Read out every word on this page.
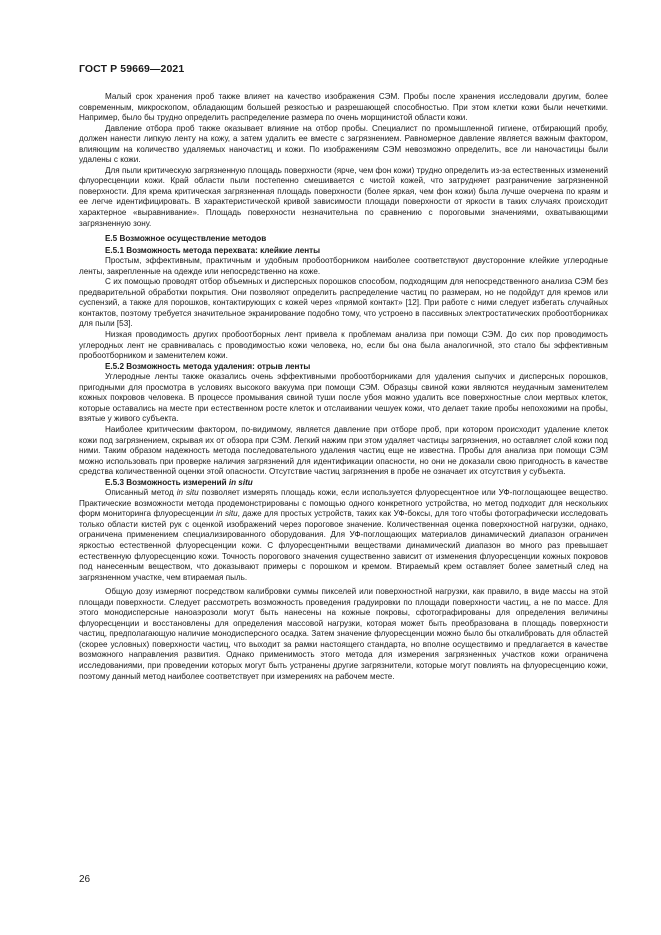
ГОСТ Р 59669—2021

Малый срок хранения проб также влияет на качество изображения СЭМ. Пробы после хранения исследовали другим, более современным, микроскопом, обладающим большей резкостью и разрешающей способностью. При этом клетки кожи были нечеткими. Например, было бы трудно определить распределение размера по очень морщинистой области кожи.

Давление отбора проб также оказывает влияние на отбор пробы. Специалист по промышленной гигиене, отбирающий пробу, должен нанести липкую ленту на кожу, а затем удалить ее вместе с загрязнением. Равномерное давление является важным фактором, влияющим на количество удаляемых наночастиц и кожи. По изображениям СЭМ невозможно определить, все ли наночастицы были удалены с кожи.

Для пыли критическую загрязненную площадь поверхности (ярче, чем фон кожи) трудно определить из-за естественных изменений флуоресценции кожи. Край области пыли постепенно смешивается с чистой кожей, что затрудняет разграничение загрязненной поверхности. Для крема критическая загрязненная площадь поверхности (более яркая, чем фон кожи) была лучше очерчена по краям и ее легче идентифицировать. В характеристической кривой зависимости площади поверхности от яркости в таких случаях происходит характерное «выравнивание». Площадь поверхности незначительна по сравнению с пороговыми значениями, охватывающими загрязненную зону.

Е.5 Возможное осуществление методов
Е.5.1 Возможность метода перехвата: клейкие ленты

Простым, эффективным, практичным и удобным пробоотборником наиболее соответствуют двусторонние клейкие углеродные ленты, закрепленные на одежде или непосредственно на коже.

С их помощью проводят отбор объемных и дисперсных порошков способом, подходящим для непосредственного анализа СЭМ без предварительной обработки покрытия. Они позволяют определить распределение частиц по размерам, но не подойдут для кремов или суспензий, а также для порошков, контактирующих с кожей через «прямой контакт» [12]. При работе с ними следует избегать случайных контактов, поэтому требуется значительное экранирование подобно тому, что устроено в пассивных электростатических пробоотборниках для пыли [53].

Низкая проводимость других пробоотборных лент привела к проблемам анализа при помощи СЭМ. До сих пор проводимость углеродных лент не сравнивалась с проводимостью кожи человека, но, если бы она была аналогичной, это стало бы эффективным пробоотборником и заменителем кожи.

Е.5.2 Возможность метода удаления: отрыв ленты

Углеродные ленты также оказались очень эффективными пробоотборниками для удаления сыпучих и дисперсных порошков, пригодными для просмотра в условиях высокого вакуума при помощи СЭМ. Образцы свиной кожи являются неудачным заменителем кожных покровов человека. В процессе промывания свиной туши после убоя можно удалить все поверхностные слои мертвых клеток, которые оставались на месте при естественном росте клеток и отслаивании чешуек кожи, что делает такие пробы непохожими на пробы, взятые у живого субъекта.

Наиболее критическим фактором, по-видимому, является давление при отборе проб, при котором происходит удаление клеток кожи под загрязнением, скрывая их от обзора при СЭМ. Легкий нажим при этом удаляет частицы загрязнения, но оставляет слой кожи под ними. Таким образом надежность метода последовательного удаления частиц еще не известна. Пробы для анализа при помощи СЭМ можно использовать при проверке наличия загрязнений для идентификации опасности, но они не доказали свою пригодность в качестве средства количественной оценки этой опасности. Отсутствие частиц загрязнения в пробе не означает их отсутствия у субъекта.

Е.5.3 Возможность измерений in situ

Описанный метод in situ позволяет измерять площадь кожи, если используется флуоресцентное или УФ-поглощающее вещество. Практические возможности метода продемонстрированы с помощью одного конкретного устройства, но метод подходит для нескольких форм мониторинга флуоресценции in situ, даже для простых устройств, таких как УФ-боксы, для того чтобы фотографически исследовать только области кистей рук с оценкой изображений через пороговое значение. Количественная оценка поверхностной нагрузки, однако, ограничена применением специализированного оборудования. Для УФ-поглощающих материалов динамический диапазон ограничен яркостью естественной флуоресценции кожи. С флуоресцентными веществами динамический диапазон во много раз превышает естественную флуоресценцию кожи. Точность порогового значения существенно зависит от изменения флуоресценции кожных покровов под нанесенным веществом, что доказывают примеры с порошком и кремом. Втираемый крем оставляет более заметный след на загрязненном участке, чем втираемая пыль.

Общую дозу измеряют посредством калибровки суммы пикселей или поверхностной нагрузки, как правило, в виде массы на этой площади поверхности. Следует рассмотреть возможность проведения градуировки по площади поверхности частиц, а не по массе. Для этого монодисперсные наноаэрозоли могут быть нанесены на кожные покровы, сфотографированы для определения величины флуоресценции и восстановлены для определения массовой нагрузки, которая может быть преобразована в площадь поверхности частиц, предполагающую наличие монодисперсного осадка. Затем значение флуоресценции можно было бы откалибровать для областей (скорее условных) поверхности частиц, что выходит за рамки настоящего стандарта, но вполне осуществимо и предлагается в качестве возможного направления развития. Однако применимость этого метода для измерения загрязненных участков кожи ограничена исследованиями, при проведении которых могут быть устранены другие загрязнители, которые могут повлиять на флуоресценцию кожи, поэтому данный метод наиболее соответствует при измерениях на рабочем месте.

26
